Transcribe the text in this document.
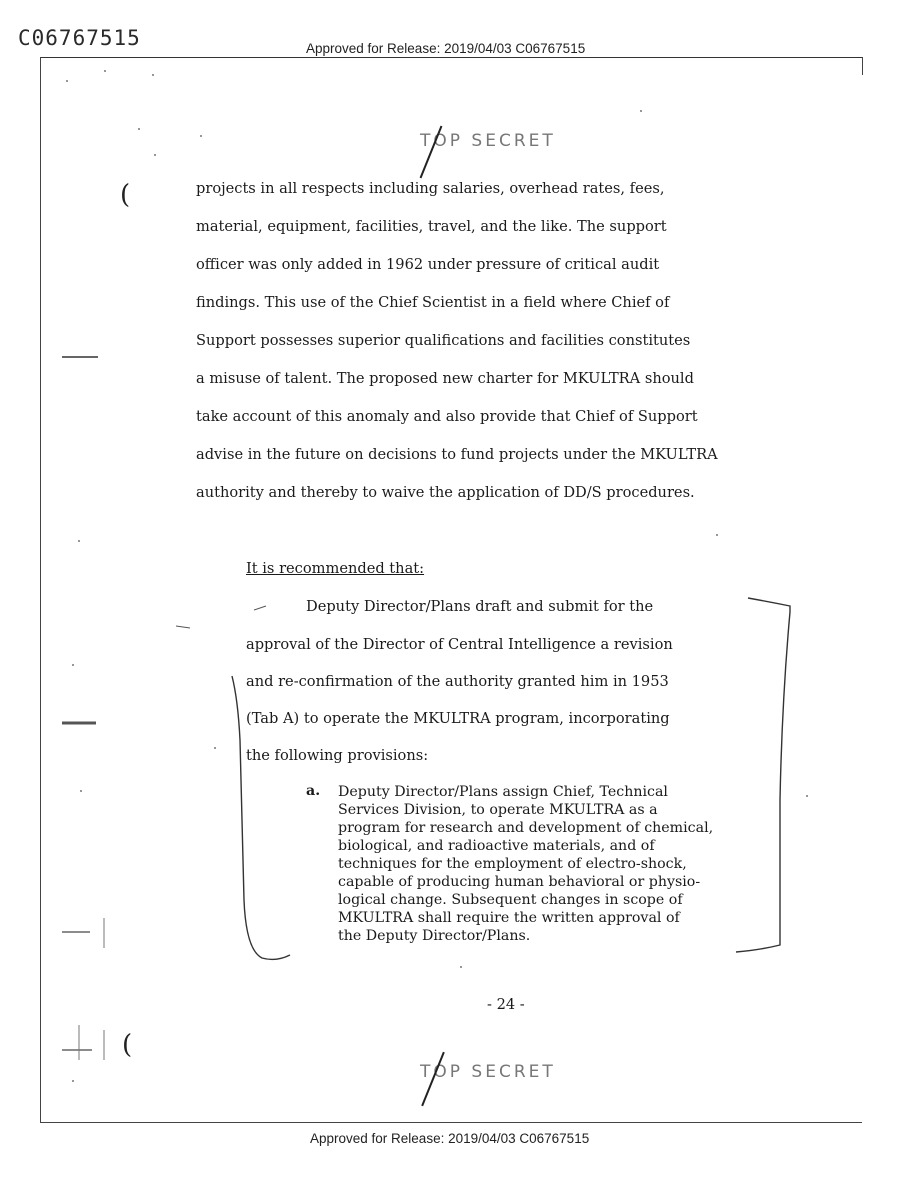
C06767515	Approved for Release: 2019/04/03 C06767515
TOP SECRET
(
(
projects in all respects including salaries, overhead rates, fees,
material, equipment, facilities, travel, and the like. The support
officer was only added in 1962 under pressure of critical audit
findings. This use of the Chief Scientist in a field where Chief of
Support possesses superior qualifications and facilities constitutes
a misuse of talent. The proposed new charter for MKULTRA should
take account of this anomaly and also provide that Chief of Support
advise in the future on decisions to fund projects under the MKULTRA
authority and thereby to waive the application of DD/S procedures.
It is recommended that:
Deputy Director/Plans draft and submit for the
approval of the Director of Central Intelligence a revision
and re-confirmation of the authority granted him in 1953
(Tab A) to operate the MKULTRA program, incorporating
the following provisions:
a. Deputy Director/Plans assign Chief, Technical
Services Division, to operate MKULTRA as a
program for research and development of chemical,
biological, and radioactive materials, and of
techniques for the employment of electro-shock,
capable of producing human behavioral or physio-
logical change. Subsequent changes in scope of
MKULTRA shall require the written approval of
the Deputy Director/Plans.
- 24 -
TOP SECRET
Approved for Release: 2019/04/03 C06767515
